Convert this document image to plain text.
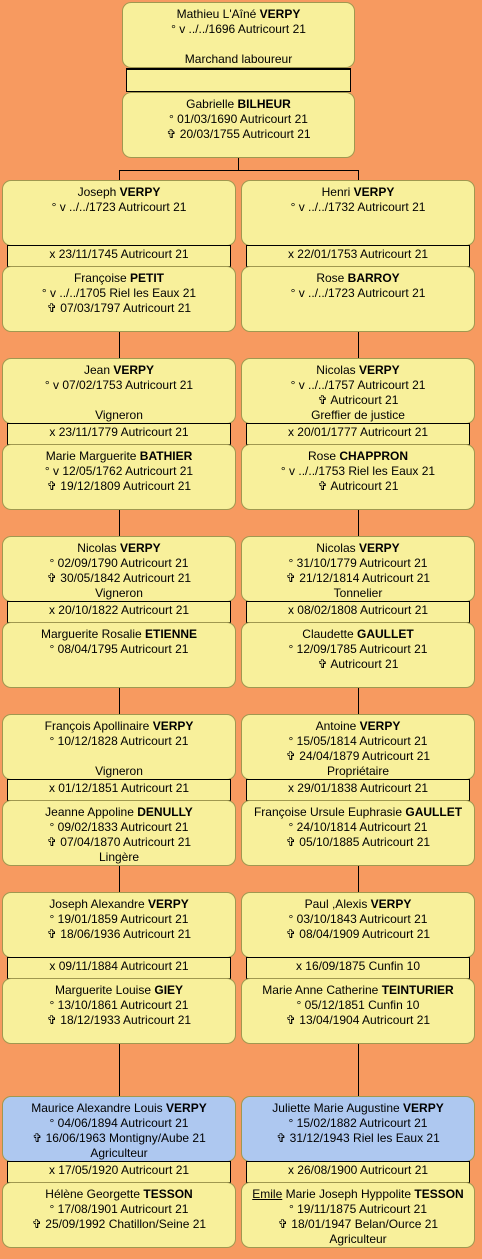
Mathieu L'Aîné VERPY
° v ../../1696 Autricourt 21
Marchand laboureur
Gabrielle BILHEUR
° 01/03/1690 Autricourt 21
✞ 20/03/1755 Autricourt 21
Joseph VERPY
° v ../../1723 Autricourt 21
x 23/11/1745 Autricourt 21
Françoise PETIT
° v ../../1705 Riel les Eaux 21
✞ 07/03/1797 Autricourt 21
Jean VERPY
° v 07/02/1753 Autricourt 21
Vigneron
x 23/11/1779 Autricourt 21
Marie Marguerite BATHIER
° v 12/05/1762 Autricourt 21
✞ 19/12/1809 Autricourt 21
Nicolas VERPY
° 02/09/1790 Autricourt 21
✞ 30/05/1842 Autricourt 21
Vigneron
x 20/10/1822 Autricourt 21
Marguerite Rosalie ETIENNE
° 08/04/1795 Autricourt 21
François Apollinaire VERPY
° 10/12/1828 Autricourt 21
Vigneron
x 01/12/1851 Autricourt 21
Jeanne Appoline DENULLY
° 09/02/1833 Autricourt 21
✞ 07/04/1870 Autricourt 21
Lingère
Joseph Alexandre VERPY
° 19/01/1859 Autricourt 21
✞ 18/06/1936 Autricourt 21
x 09/11/1884 Autricourt 21
Marguerite Louise GIEY
° 13/10/1861 Autricourt 21
✞ 18/12/1933 Autricourt 21
Maurice Alexandre Louis VERPY
° 04/06/1894 Autricourt 21
✞ 16/06/1963 Montigny/Aube 21
Agriculteur
x 17/05/1920 Autricourt 21
Hélène Georgette TESSON
° 17/08/1901 Autricourt 21
✞ 25/09/1992 Chatillon/Seine 21
Henri VERPY
° v ../../1732 Autricourt 21
x 22/01/1753 Autricourt 21
Rose BARROY
° v ../../1723 Autricourt 21
Nicolas VERPY
° v ../../1757 Autricourt 21
✞ Autricourt 21
Greffier de justice
x 20/01/1777 Autricourt 21
Rose CHAPPRON
° v ../../1753 Riel les Eaux 21
✞ Autricourt 21
Nicolas VERPY
° 31/10/1779 Autricourt 21
✞ 21/12/1814 Autricourt 21
Tonnelier
x 08/02/1808 Autricourt 21
Claudette GAULLET
° 12/09/1785 Autricourt 21
✞ Autricourt 21
Antoine VERPY
° 15/05/1814 Autricourt 21
✞ 24/04/1879 Autricourt 21
Propriétaire
x 29/01/1838 Autricourt 21
Françoise Ursule Euphrasie GAULLET
° 24/10/1814 Autricourt 21
✞ 05/10/1885 Autricourt 21
Paul ,Alexis VERPY
° 03/10/1843 Autricourt 21
✞ 08/04/1909 Autricourt 21
x 16/09/1875 Cunfin 10
Marie Anne Catherine TEINTURIER
° 05/12/1851 Cunfin 10
✞ 13/04/1904 Autricourt 21
Juliette Marie Augustine VERPY
° 15/02/1882 Autricourt 21
✞ 31/12/1943 Riel les Eaux 21
x 26/08/1900 Autricourt 21
Emile Marie Joseph Hyppolite TESSON
° 19/11/1875 Autricourt 21
✞ 18/01/1947 Belan/Ource 21
Agriculteur
